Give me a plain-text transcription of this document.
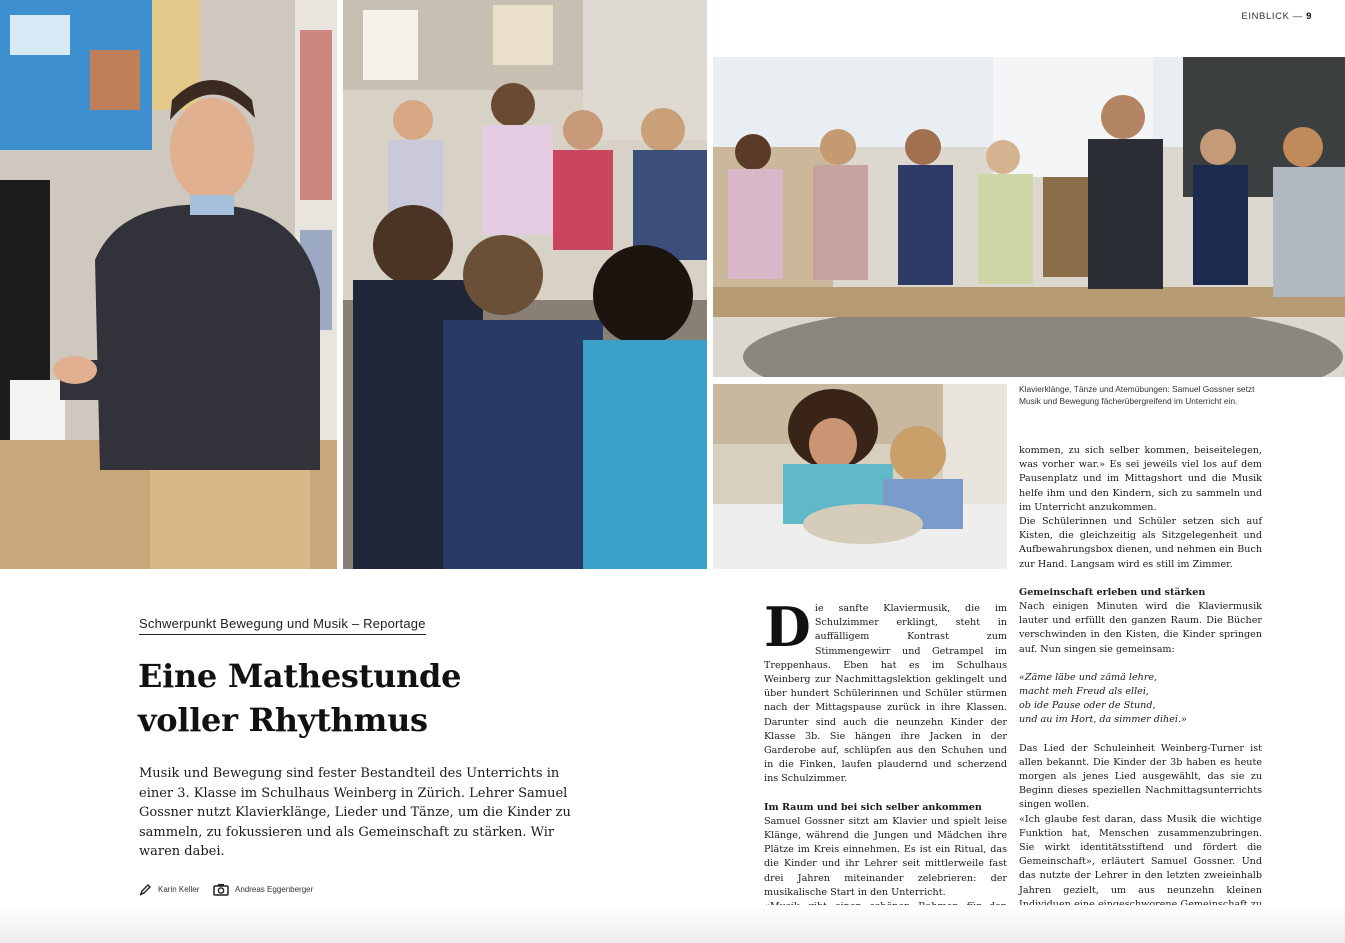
EINBLICK — 9
Klavierklänge, Tänze und Atemübungen: Samuel Gossner setzt Musik und Bewegung fächerübergreifend im Unterricht ein.
Schwerpunkt Bewegung und Musik – Reportage
Eine Mathestunde
voller Rhythmus
Musik und Bewegung sind fester Bestandteil des Unterrichts in einer 3. Klasse im Schulhaus Weinberg in Zürich. Lehrer Samuel Gossner nutzt Klavierklänge, Lieder und Tänze, um die Kinder zu sammeln, zu fokussieren und als Gemeinschaft zu stärken. Wir waren dabei.
Karin Keller	Andreas Eggenberger

Die sanfte Klaviermusik, die im Schulzimmer erklingt, steht in auffälligem Kontrast zum Stimmengewirr und Getrampel im Treppenhaus. Eben hat es im Schulhaus Weinberg zur Nachmittagslektion geklingelt und über hundert Schülerinnen und Schüler stürmen nach der Mittagspause zurück in ihre Klassen. Darunter sind auch die neunzehn Kinder der Klasse 3b. Sie hängen ihre Jacken in der Garderobe auf, schlüpfen aus den Schuhen und in die Finken, laufen plaudernd und scherzend ins Schulzimmer.

Im Raum und bei sich selber ankommen

Samuel Gossner sitzt am Klavier und spielt leise Klänge, während die Jungen und Mädchen ihre Plätze im Kreis einnehmen. Es ist ein Ritual, das die Kinder und ihr Lehrer seit mittlerweile fast drei Jahren miteinander zelebrieren: der musikalische Start in den Unterricht.

kommen, zu sich selber kommen, beiseitelegen, was vorher war.» Es sei jeweils viel los auf dem Pausenplatz und im Mittagshort und die Musik helfe ihm und den Kindern, sich zu sammeln und im Unterricht anzukommen.

Die Schülerinnen und Schüler setzen sich auf Kisten, die gleichzeitig als Sitzgelegenheit und Aufbewahrungsbox dienen, und nehmen ein Buch zur Hand. Langsam wird es still im Zimmer.

Gemeinschaft erleben und stärken

Nach einigen Minuten wird die Klaviermusik lauter und erfüllt den ganzen Raum. Die Bücher verschwinden in den Kisten, die Kinder springen auf. Nun singen sie gemeinsam:

«Zäme läbe und zämä lehre,
macht meh Freud als ellei,
ob ide Pause oder de Stund,
und au im Hort, da simmer dihei.»

Das Lied der Schuleinheit Weinberg-Turner ist allen bekannt. Die Kinder der 3b haben es heute morgen als jenes Lied ausgewählt, das sie zu Beginn dieses speziellen Nachmittagsunterrichts singen wollen.

«Ich glaube fest daran, dass Musik die wichtige Funktion hat, Menschen zusammenzubringen. Sie wirkt identitätsstiftend und fördert die Gemeinschaft», erläutert Samuel Gossner. Und das nutzte der Lehrer in den letzten zweieinhalb Jahren gezielt, um aus neunzehn kleinen
